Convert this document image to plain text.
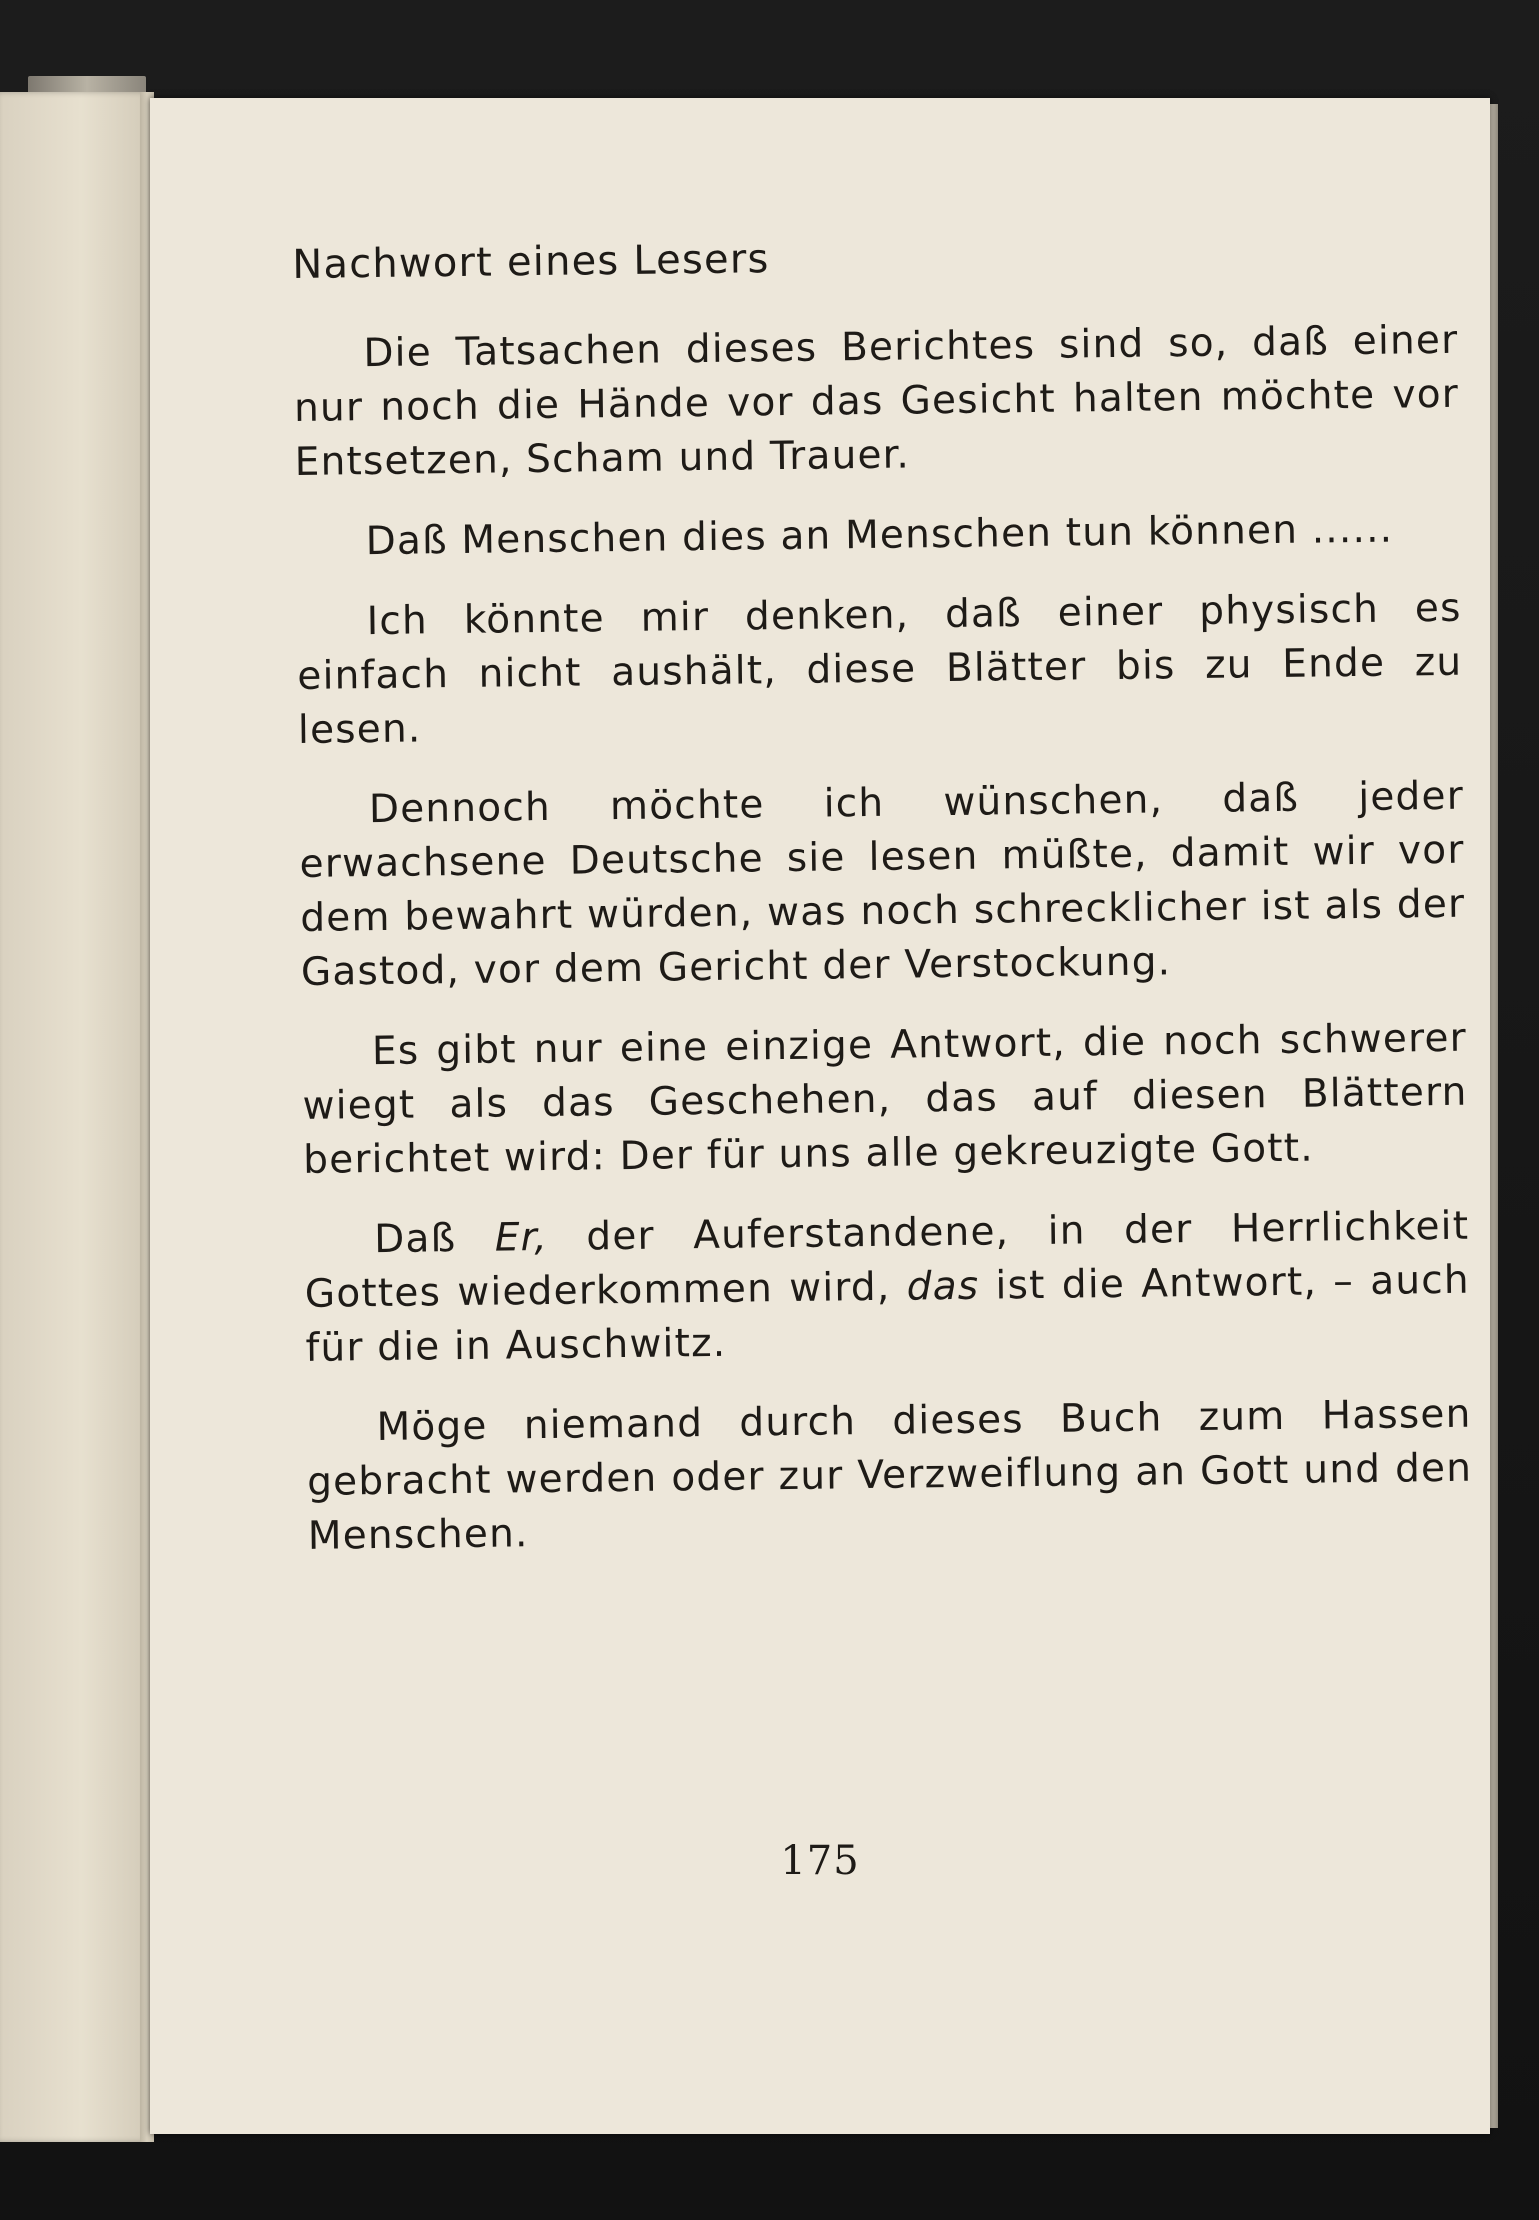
Nachwort eines Lesers

Die Tatsachen dieses Berichtes sind so, daß einer nur noch die Hände vor das Gesicht halten möchte vor Entsetzen, Scham und Trauer.

Daß Menschen dies an Menschen tun können ......

Ich könnte mir denken, daß einer physisch es einfach nicht aushält, diese Blätter bis zu Ende zu lesen.

Dennoch möchte ich wünschen, daß jeder erwachsene Deutsche sie lesen müßte, damit wir vor dem bewahrt würden, was noch schrecklicher ist als der Gastod, vor dem Gericht der Verstockung.

Es gibt nur eine einzige Antwort, die noch schwerer wiegt als das Geschehen, das auf diesen Blättern berichtet wird: Der für uns alle gekreuzigte Gott.

Daß Er, der Auferstandene, in der Herrlichkeit Gottes wiederkommen wird, das ist die Antwort, – auch für die in Auschwitz.

Möge niemand durch dieses Buch zum Hassen gebracht werden oder zur Verzweiflung an Gott und den Menschen.

175
